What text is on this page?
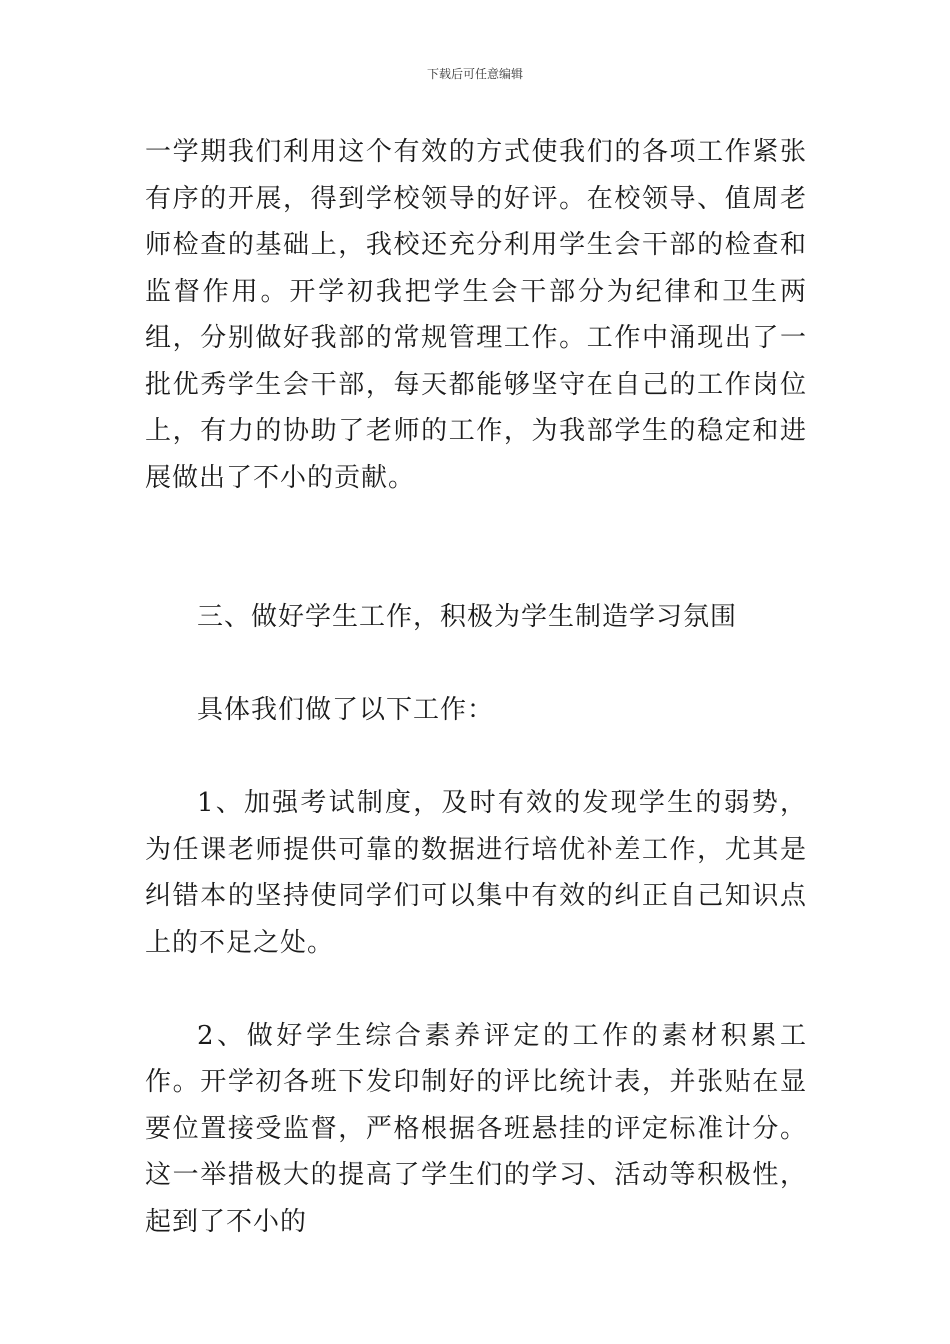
下载后可任意编辑

一学期我们利用这个有效的方式使我们的各项工作紧张有序的开展，得到学校领导的好评。在校领导、值周老师检查的基础上，我校还充分利用学生会干部的检查和监督作用。开学初我把学生会干部分为纪律和卫生两组，分别做好我部的常规管理工作。工作中涌现出了一批优秀学生会干部，每天都能够坚守在自己的工作岗位上，有力的协助了老师的工作，为我部学生的稳定和进展做出了不小的贡献。

三、做好学生工作，积极为学生制造学习氛围

具体我们做了以下工作：

1、加强考试制度，及时有效的发现学生的弱势，为任课老师提供可靠的数据进行培优补差工作，尤其是纠错本的坚持使同学们可以集中有效的纠正自己知识点上的不足之处。

2、做好学生综合素养评定的工作的素材积累工作。开学初各班下发印制好的评比统计表，并张贴在显要位置接受监督，严格根据各班悬挂的评定标准计分。这一举措极大的提高了学生们的学习、活动等积极性，起到了不小的
